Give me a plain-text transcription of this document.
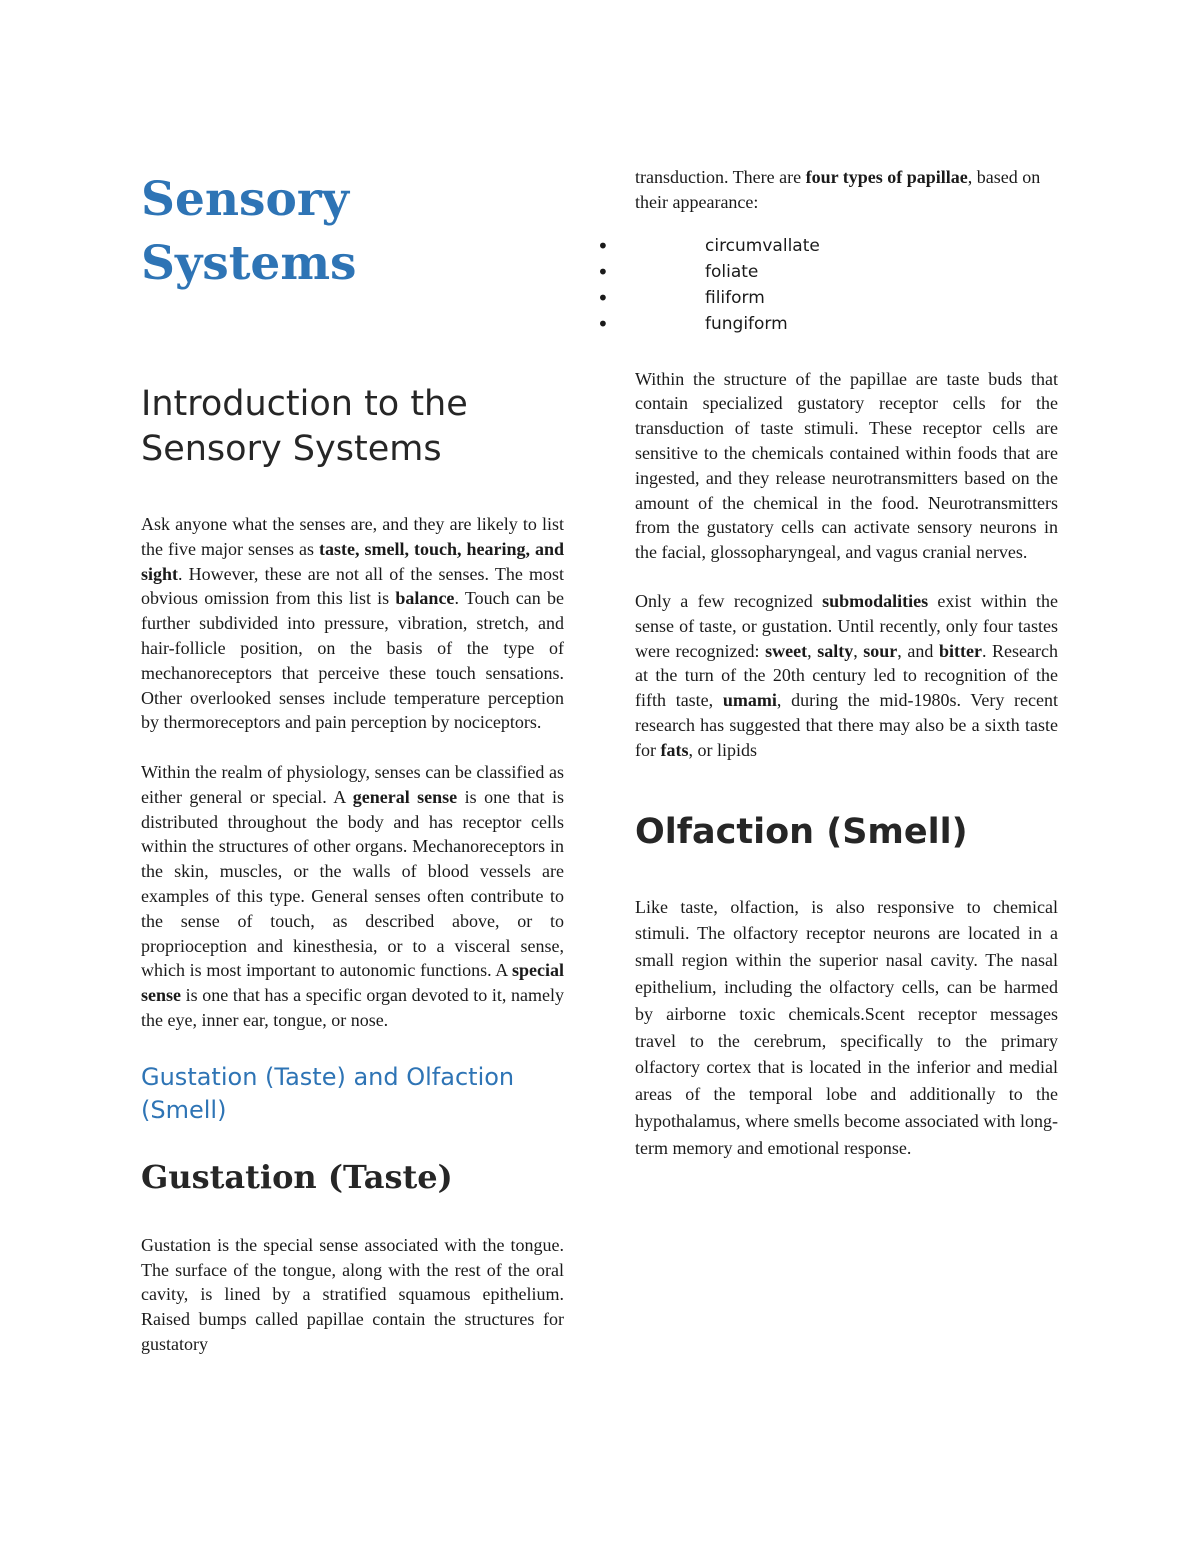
Sensory Systems
Introduction to the Sensory Systems

Ask anyone what the senses are, and they are likely to list the five major senses as taste, smell, touch, hearing, and sight. However, these are not all of the senses. The most obvious omission from this list is balance. Touch can be further subdivided into pressure, vibration, stretch, and hair-follicle position, on the basis of the type of mechanoreceptors that perceive these touch sensations. Other overlooked senses include temperature perception by thermoreceptors and pain perception by nociceptors.

Within the realm of physiology, senses can be classified as either general or special. A general sense is one that is distributed throughout the body and has receptor cells within the structures of other organs. Mechanoreceptors in the skin, muscles, or the walls of blood vessels are examples of this type. General senses often contribute to the sense of touch, as described above, or to proprioception and kinesthesia, or to a visceral sense, which is most important to autonomic functions. A special sense is one that has a specific organ devoted to it, namely the eye, inner ear, tongue, or nose.

Gustation (Taste) and Olfaction (Smell)
Gustation (Taste)

Gustation is the special sense associated with the tongue. The surface of the tongue, along with the rest of the oral cavity, is lined by a stratified squamous epithelium. Raised bumps called papillae contain the structures for gustatory

transduction. There are four types of papillae, based on their appearance:

• circumvallate
• foliate
• filiform
• fungiform

Within the structure of the papillae are taste buds that contain specialized gustatory receptor cells for the transduction of taste stimuli. These receptor cells are sensitive to the chemicals contained within foods that are ingested, and they release neurotransmitters based on the amount of the chemical in the food. Neurotransmitters from the gustatory cells can activate sensory neurons in the facial, glossopharyngeal, and vagus cranial nerves.

Only a few recognized submodalities exist within the sense of taste, or gustation. Until recently, only four tastes were recognized: sweet, salty, sour, and bitter. Research at the turn of the 20th century led to recognition of the fifth taste, umami, during the mid-1980s. Very recent research has suggested that there may also be a sixth taste for fats, or lipids

Olfaction (Smell)

Like taste, olfaction, is also responsive to chemical stimuli. The olfactory receptor neurons are located in a small region within the superior nasal cavity. The nasal epithelium, including the olfactory cells, can be harmed by airborne toxic chemicals.Scent receptor messages travel to the cerebrum, specifically to the primary olfactory cortex that is located in the inferior and medial areas of the temporal lobe and additionally to the hypothalamus, where smells become associated with long-term memory and emotional response.
